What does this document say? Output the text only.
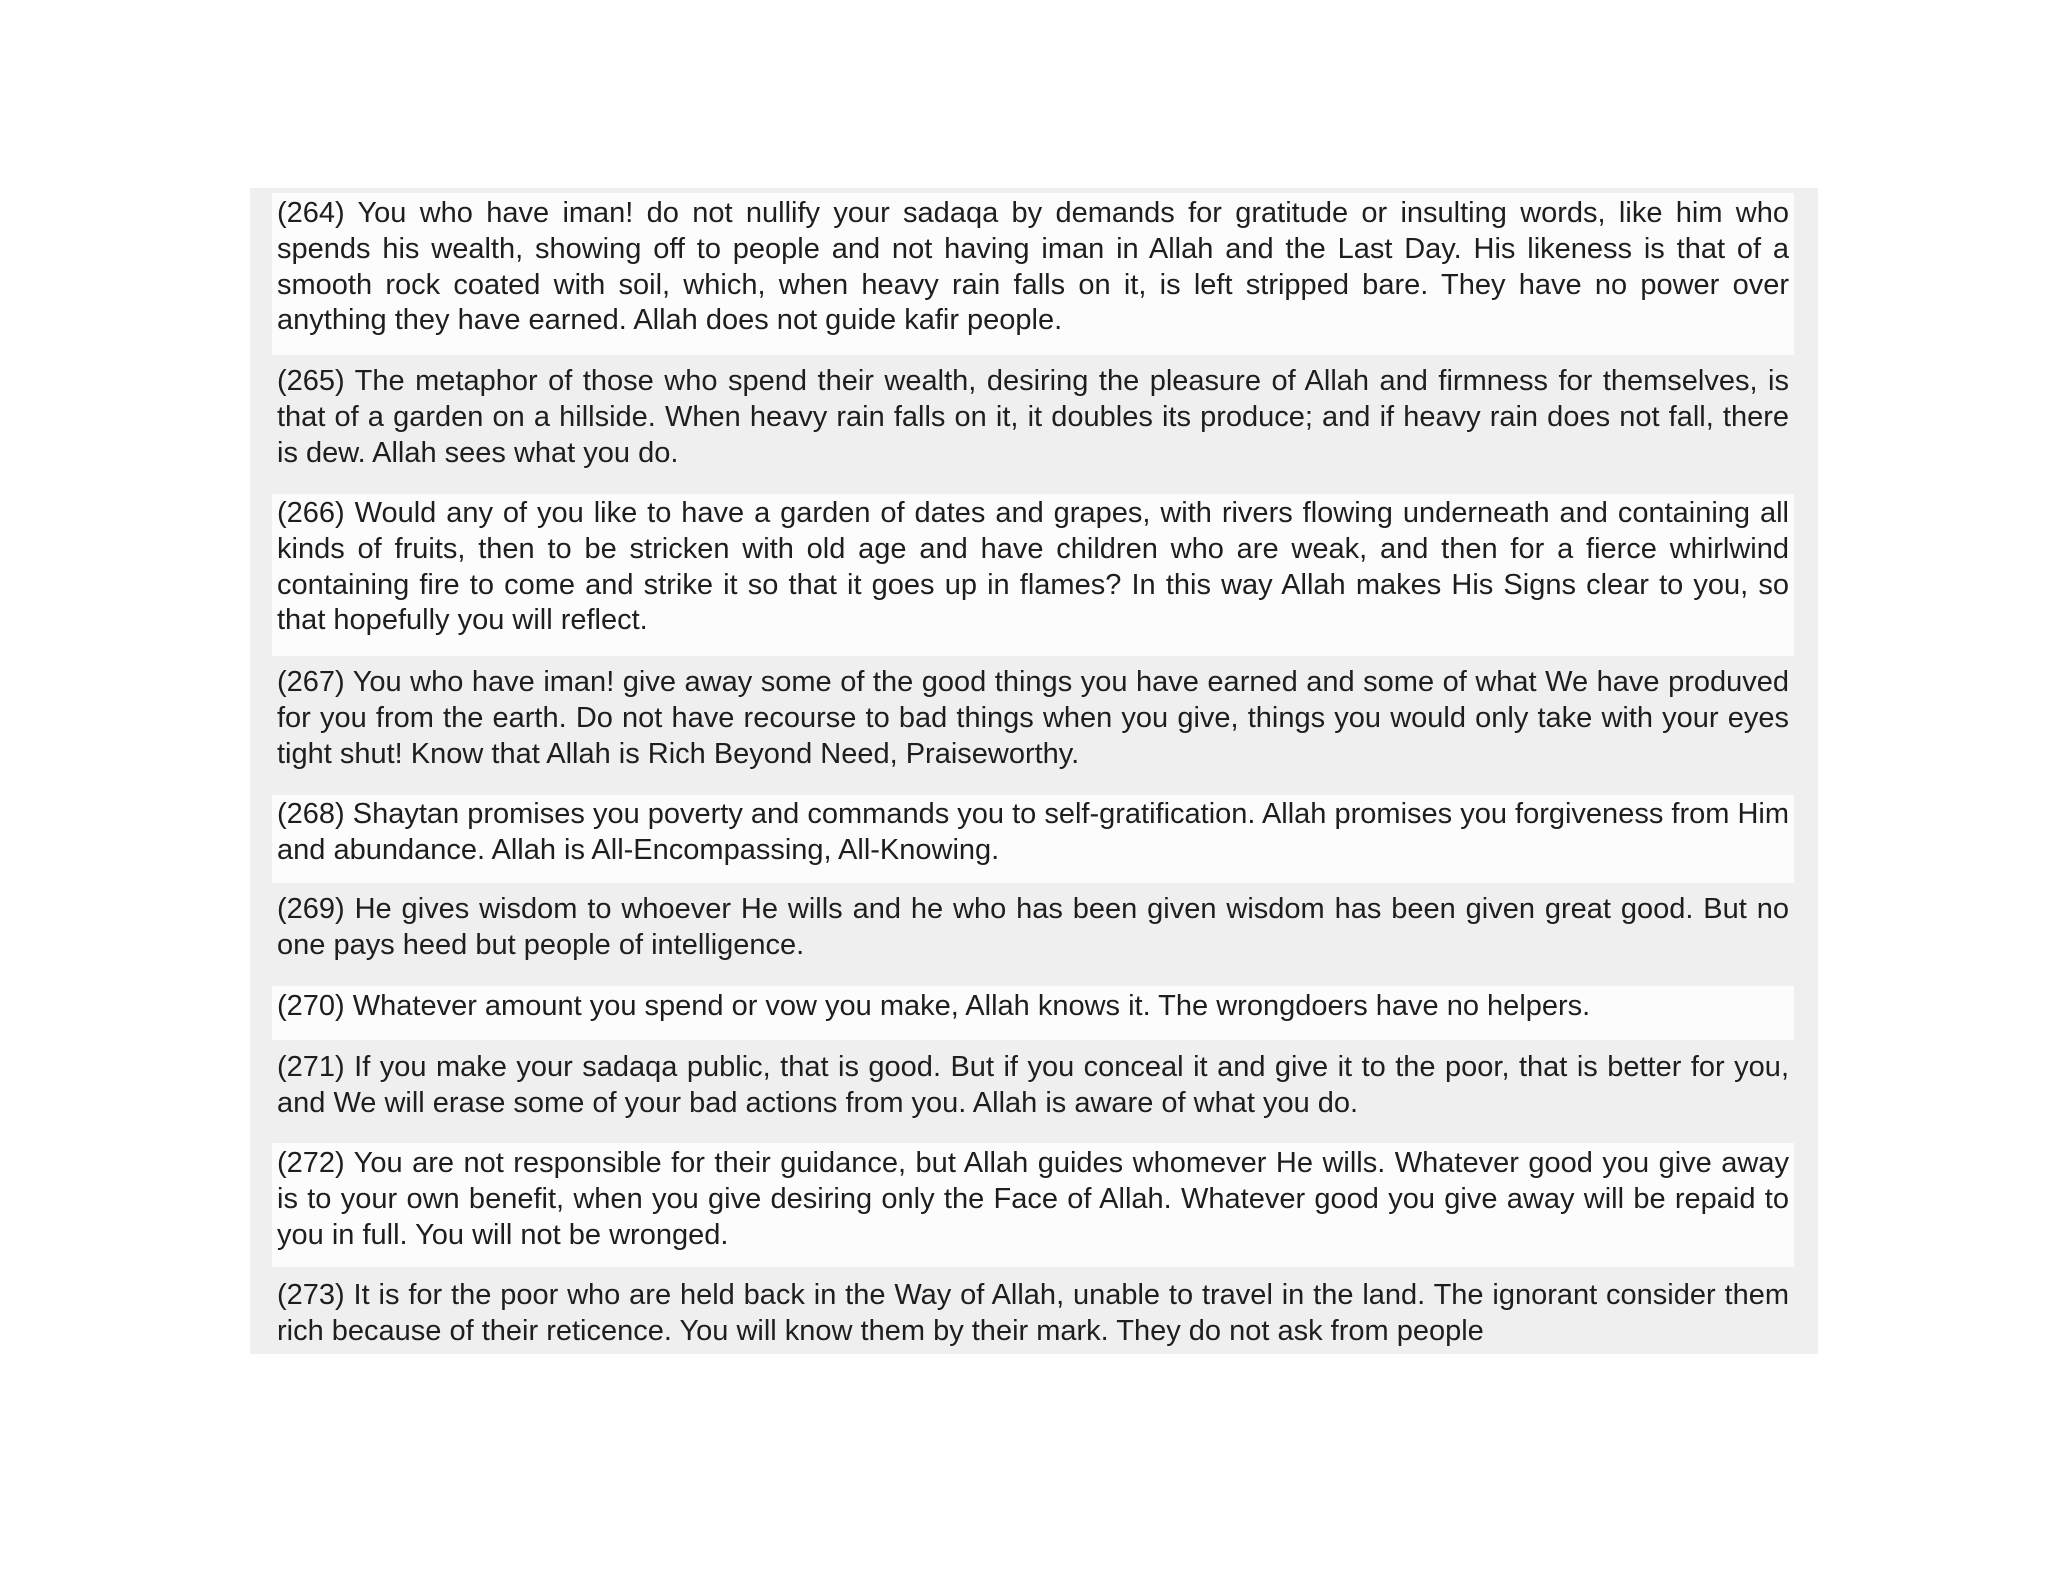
(264) You who have iman! do not nullify your sadaqa by demands for gratitude or insulting words, like him who spends his wealth, showing off to people and not having iman in Allah and the Last Day. His likeness is that of a smooth rock coated with soil, which, when heavy rain falls on it, is left stripped bare. They have no power over anything they have earned. Allah does not guide kafir people.
(265) The metaphor of those who spend their wealth, desiring the pleasure of Allah and firmness for themselves, is that of a garden on a hillside. When heavy rain falls on it, it doubles its produce; and if heavy rain does not fall, there is dew. Allah sees what you do.
(266) Would any of you like to have a garden of dates and grapes, with rivers flowing underneath and containing all kinds of fruits, then to be stricken with old age and have children who are weak, and then for a fierce whirlwind containing fire to come and strike it so that it goes up in flames? In this way Allah makes His Signs clear to you, so that hopefully you will reflect.
(267) You who have iman! give away some of the good things you have earned and some of what We have produved for you from the earth. Do not have recourse to bad things when you give, things you would only take with your eyes tight shut! Know that Allah is Rich Beyond Need, Praiseworthy.
(268) Shaytan promises you poverty and commands you to self-gratification. Allah promises you forgiveness from Him and abundance. Allah is All-Encompassing, All-Knowing.
(269) He gives wisdom to whoever He wills and he who has been given wisdom has been given great good. But no one pays heed but people of intelligence.
(270) Whatever amount you spend or vow you make, Allah knows it. The wrongdoers have no helpers.
(271) If you make your sadaqa public, that is good. But if you conceal it and give it to the poor, that is better for you, and We will erase some of your bad actions from you. Allah is aware of what you do.
(272) You are not responsible for their guidance, but Allah guides whomever He wills. Whatever good you give away is to your own benefit, when you give desiring only the Face of Allah. Whatever good you give away will be repaid to you in full. You will not be wronged.
(273) It is for the poor who are held back in the Way of Allah, unable to travel in the land. The ignorant consider them rich because of their reticence. You will know them by their mark. They do not ask from people
